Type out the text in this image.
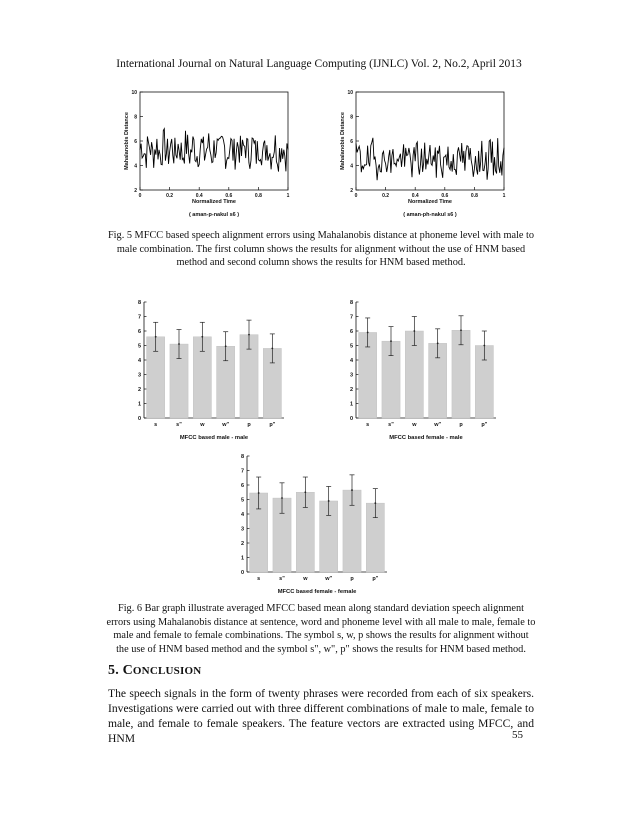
International Journal on Natural Language Computing (IJNLC) Vol. 2, No.2, April 2013
2
4
6
8
10
0	0.2	0.4	0.6	0.8	1
Normalized Time
Mahalanobis Distance
( aman-p-nakul s6 )
2
4
6
8
10
0	0.2	0.4	0.6	0.8	1
Normalized Time
Mahalanobis Distance
( aman-ph-nakul s6 )
Fig. 5 MFCC based speech alignment errors using Mahalanobis distance at phoneme level with male to male combination. The first column shows the results for alignment without the use of HNM based method and second column shows the results for HNM based method.
0
1
2
3
4
5
6
7
8
s	s"	w	w"	p	p"
MFCC based male - male
0
1
2
3
4
5
6
7
8
s	s"	w	w"	p	p"
MFCC based female - male
0
1
2
3
4
5
6
7
8
s	s"	w	w"	p	p"
MFCC based female - female
Fig. 6 Bar graph illustrate averaged MFCC based mean along standard deviation speech alignment errors using Mahalanobis distance at sentence, word and phoneme level with all male to male, female to male and female to female combinations. The symbol s, w, p shows the results for alignment without the use of HNM based method and the symbol s", w", p" shows the results for HNM based method.
5. CONCLUSION
The speech signals in the form of twenty phrases were recorded from each of six speakers. Investigations were carried out with three different combinations of male to male, female to male, and female to female speakers. The feature vectors are extracted using MFCC, and HNM	55
